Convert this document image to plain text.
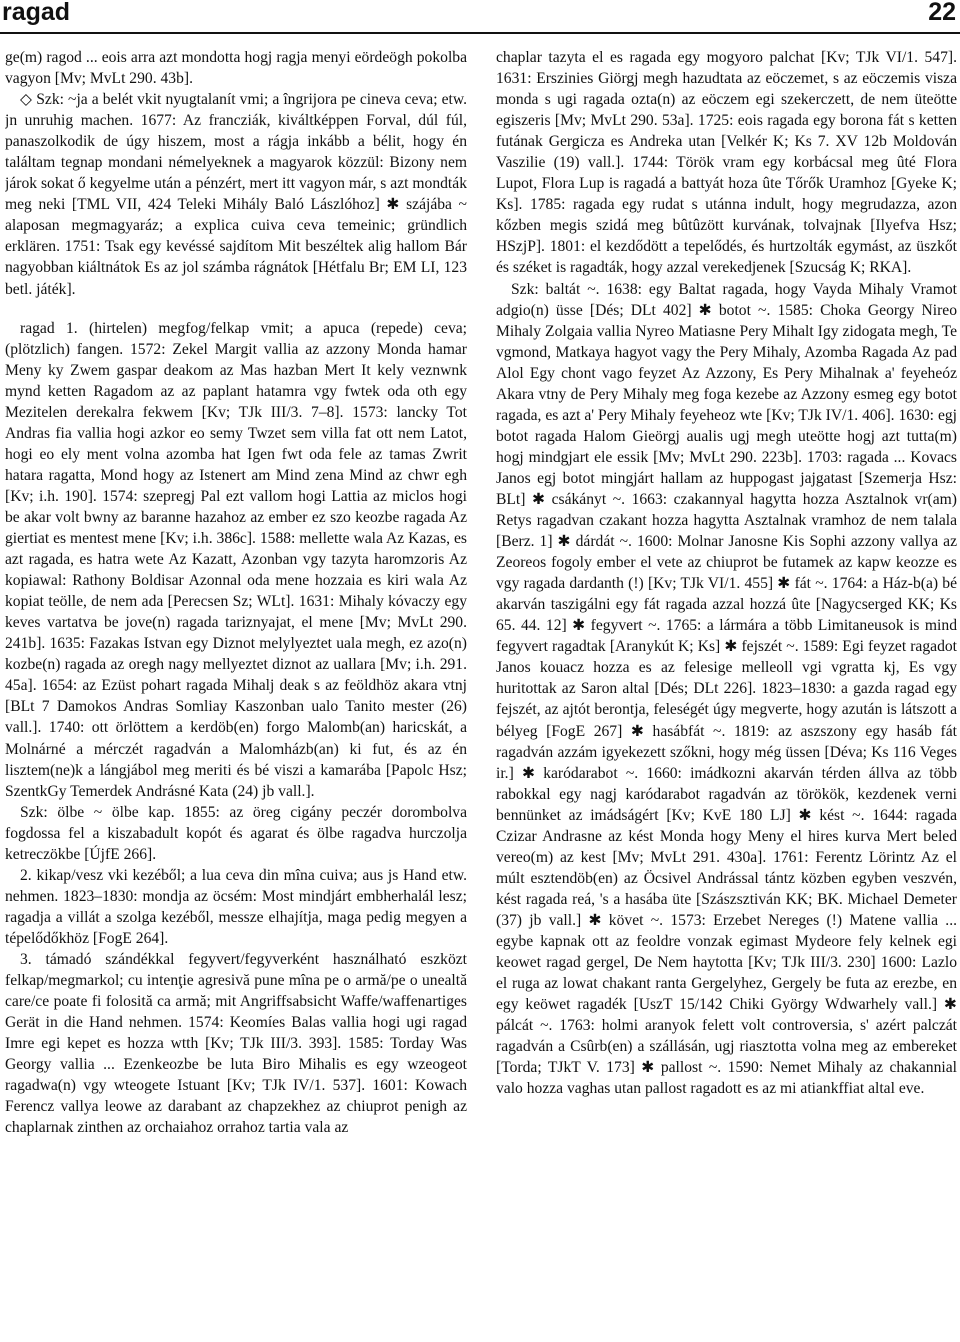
ragad	22

ge(m) ragod ... eois arra azt mondotta hogj ragja menyi eördeögh pokolba vagyon [Mv; MvLt 290. 43b].

◇ Szk: ~ja a belét vkit nyugtalanít vmi; a îngrijora pe cineva ceva; etw. jn unruhig machen. 1677: Az francziák, kiváltképpen Forval, dúl fúl, panaszolkodik de úgy hiszem, most a rágja inkább a bélit, hogy én találtam tegnap mondani némelyeknek a magyarok közzül: Bizony nem járok sokat ő kegyelme után a pénzért, mert itt vagyon már, s azt mondták meg neki [TML VII, 424 Teleki Mihály Baló Lászlóhoz] ✱ szájába ~ alaposan megmagyaráz; a explica cuiva ceva temeinic; gründlich erklären. 1751: Tsak egy kevéssé sajdítom Mit beszéltek alig hallom Bár nagyobban kiáltnátok Es az jol számba rágnátok [Hétfalu Br; EM LI, 123 betl. játék].

ragad 1. (hirtelen) megfog/felkap vmit; a apuca (repede) ceva; (plötzlich) fangen. 1572: Zekel Margit vallia az azzony Monda hamar Meny ky Zwem gaspar deakom az Mas hazban Mert It kely veznwnk mynd ketten Ragadom az az paplant hatamra vgy fwtek oda oth egy Mezitelen derekalra fekwem [Kv; TJk III/3. 7–8]. 1573: lancky Tot Andras fia vallia hogi azkor eo semy Twzet sem villa fat ott nem Latot, hogi eo ely ment volna azomba hat Igen fwt oda fele az tamas Zwrit hatara ragatta, Mond hogy az Istenert am Mind zena Mind az chwr egh [Kv; i.h. 190]. 1574: szepregj Pal ezt vallom hogi Lattia az miclos hogi be akar volt bwny az baranne hazahoz az ember ez szo keozbe ragada Az giertiat es mentest mene [Kv; i.h. 386c]. 1588: mellette wala Az Kazas, es azt ragada, es hatra wete Az Kazatt, Azonban vgy tazyta haromzoris Az kopiawal: Rathony Boldisar Azonnal oda mene hozzaia es kiri wala Az kopiat teölle, de nem ada [Perecsen Sz; WLt]. 1631: Mihaly kóvaczy egy keves vartatva be jove(n) ragada tariznyajat, el mene [Mv; MvLt 290. 241b]. 1635: Fazakas Istvan egy Diznot melylyeztet uala megh, ez azo(n) kozbe(n) ragada az oregh nagy mellyeztet diznot az uallara [Mv; i.h. 291. 45a]. 1654: az Ezüst pohart ragada Mihalj deak s az feöldhöz akara vtnj [BLt 7 Damokos Andras Somliay Kaszonban ualo Tanito mester (26) vall.]. 1740: ott örlöttem a kerdöb(en) forgo Malomb(an) haricskát, a Molnárné a mérczét ragadván a Malomházb(an) ki fut, és az én lisztem(ne)k a lángjábol meg meriti és bé viszi a kamarába [Papolc Hsz; SzentkGy Temerdek Andrásné Kata (24) jb vall.].

Szk: ölbe ~ ölbe kap. 1855: az öreg cigány peczér dorombolva fogdossa fel a kiszabadult kopót és agarat és ölbe ragadva hurczolja ketreczökbe [ÚjfE 266].

2. kikap/vesz vki kezéből; a lua ceva din mîna cuiva; aus js Hand etw. nehmen. 1823–1830: mondja az öcsém: Most mindjárt embherhalál lesz; ragadja a villát a szolga kezéből, messze elhajítja, maga pedig megyen a tépelődőkhöz [FogE 264].

3. támadó szándékkal fegyvert/fegyverként használható eszközt felkap/megmarkol; cu intenţie agresivă pune mîna pe o armă/pe o unealtă care/ce poate fi folosită ca armă; mit Angriffsabsicht Waffe/waffenartiges Gerät in die Hand nehmen. 1574: Keomíes Balas vallia hogi ugi ragad Imre egi kepet es hozza wtth [Kv; TJk III/3. 393]. 1585: Torday Was Georgy vallia ... Ezenkeozbe be luta Biro Mihalis es egy wzeogeot ragadwa(n) vgy wteogete Istuant [Kv; TJk IV/1. 537]. 1601: Kowach Ferencz vallya leowe az darabant az chapzekhez az chiuprot penigh az chaplarnak zinthen az orchaiahoz orrahoz tartia vala az

chaplar tazyta el es ragada egy mogyoro palchat [Kv; TJk VI/1. 547]. 1631: Erszinies Giörgj megh hazudtata az eöczemet, s az eöczemis visza monda s ugi ragada ozta(n) az eöczem egi szekerczett, de nem üteötte egiszeris [Mv; MvLt 290. 53a]. 1725: eois ragada egy borona fát s ketten futának Gergicza es Andreka utan [Velkér K; Ks 7. XV 12b Moldován Vaszilie (19) vall.]. 1744: Török vram egy korbácsal meg ûté Flora Lupot, Flora Lup is ragadá a battyát hoza ûte Tőrők Uramhoz [Gyeke K; Ks]. 1785: ragada egy rudat s utánna indult, hogy megrudazza, azon kőzben megis szidá meg bûtûzött kurvának, tolvajnak [Ilyefva Hsz; HSzjP]. 1801: el kezdődött a tepelődés, és hurtzolták egymást, az üszkőt és széket is ragadták, hogy azzal verekedjenek [Szucság K; RKA].

Szk: baltát ~. 1638: egy Baltat ragada, hogy Vayda Mihaly Vramot adgio(n) üsse [Dés; DLt 402] ✱ botot ~. 1585: Choka Georgy Nireo Mihaly Zolgaia vallia Nyreo Matiasne Pery Mihalt Igy zidogata megh, Te vgmond, Matkaya hagyot vagy the Pery Mihaly, Azomba Ragada Az pad Alol Egy chont vago feyzet Az Azzony, Es Pery Mihalnak a' feyeheóz Akara vtny de Pery Mihaly meg foga kezebe az Azzony esmeg egy botot ragada, es azt a' Pery Mihaly feyeheoz wte [Kv; TJk IV/1. 406]. 1630: egj botot ragada Halom Gieörgj aualis ugj megh uteötte hogj azt tutta(m) hogj mindgjart ele essik [Mv; MvLt 290. 223b]. 1703: ragada ... Kovacs Janos egj botot mingjárt hallam az huppogast jajgatast [Szemerja Hsz: BLt] ✱ csákányt ~. 1663: czakannyal hagytta hozza Asztalnok vr(am) Retys ragadvan czakant hozza hagytta Asztalnak vramhoz de nem talala [Berz. 1] ✱ dárdát ~. 1600: Molnar Janosne Kis Sophi azzony vallya az Zeoreos fogoly ember el vete az chiuprot be futamek az kapw keozze es vgy ragada dardanth (!) [Kv; TJk VI/1. 455] ✱ fát ~. 1764: a Ház-b(a) bé akarván taszigálni egy fát ragada azzal hozzá ûte [Nagycserged KK; Ks 65. 44. 12] ✱ fegyvert ~. 1765: a lármára a több Limitaneusok is mind fegyvert ragadtak [Aranykút K; Ks] ✱ fejszét ~. 1589: Egi feyzet ragadot Janos kouacz hozza es az felesige melleoll vgi vgratta kj, Es vgy huritottak az Saron altal [Dés; DLt 226]. 1823–1830: a gazda ragad egy fejszét, az ajtót berontja, feleségét úgy megverte, hogy azután is látszott a bélyeg [FogE 267] ✱ hasábfát ~. 1819: az aszszony egy hasáb fát ragadván azzám igyekezett szőkni, hogy még üssen [Déva; Ks 116 Veges ir.] ✱ karódarabot ~. 1660: imádkozni akarván térden állva az több rabokkal egy nagj karódarabot ragadván az törökök, kezdenek verni bennünket az imádságért [Kv; KvE 180 LJ] ✱ kést ~. 1644: ragada Czizar Andrasne az kést Monda hogy Meny el hires kurva Mert beled vereo(m) az kest [Mv; MvLt 291. 430a]. 1761: Ferentz Lörintz Az el múlt esztendöb(en) az Öcsivel Andrással tántz közben egyben veszvén, kést ragada reá, 's a hasába üte [Szászsztiván KK; BK. Michael Demeter (37) jb vall.] ✱ követ ~. 1573: Erzebet Nereges (!) Matene vallia ... egybe kapnak ott az feoldre vonzak egimast Mydeore fely kelnek egi keowet ragad gergel, De Nem haytotta [Kv; TJk III/3. 230] 1600: Lazlo el ruga az lowat chakant ranta Gergelyhez, Gergely be futa az erezbe, en egy keöwet ragadék [UszT 15/142 Chiki György Wdwarhely vall.] ✱ pálcát ~. 1763: holmi aranyok felett volt controversia, s' azért palczát ragadván a Csûrb(en) a szállásán, ugj riasztotta volna meg az embereket [Torda; TJkT V. 173] ✱ pallost ~. 1590: Nemet Mihaly az chakannial valo hozza vaghas utan pallost ragadott es az mi atiankffiat altal eve.
